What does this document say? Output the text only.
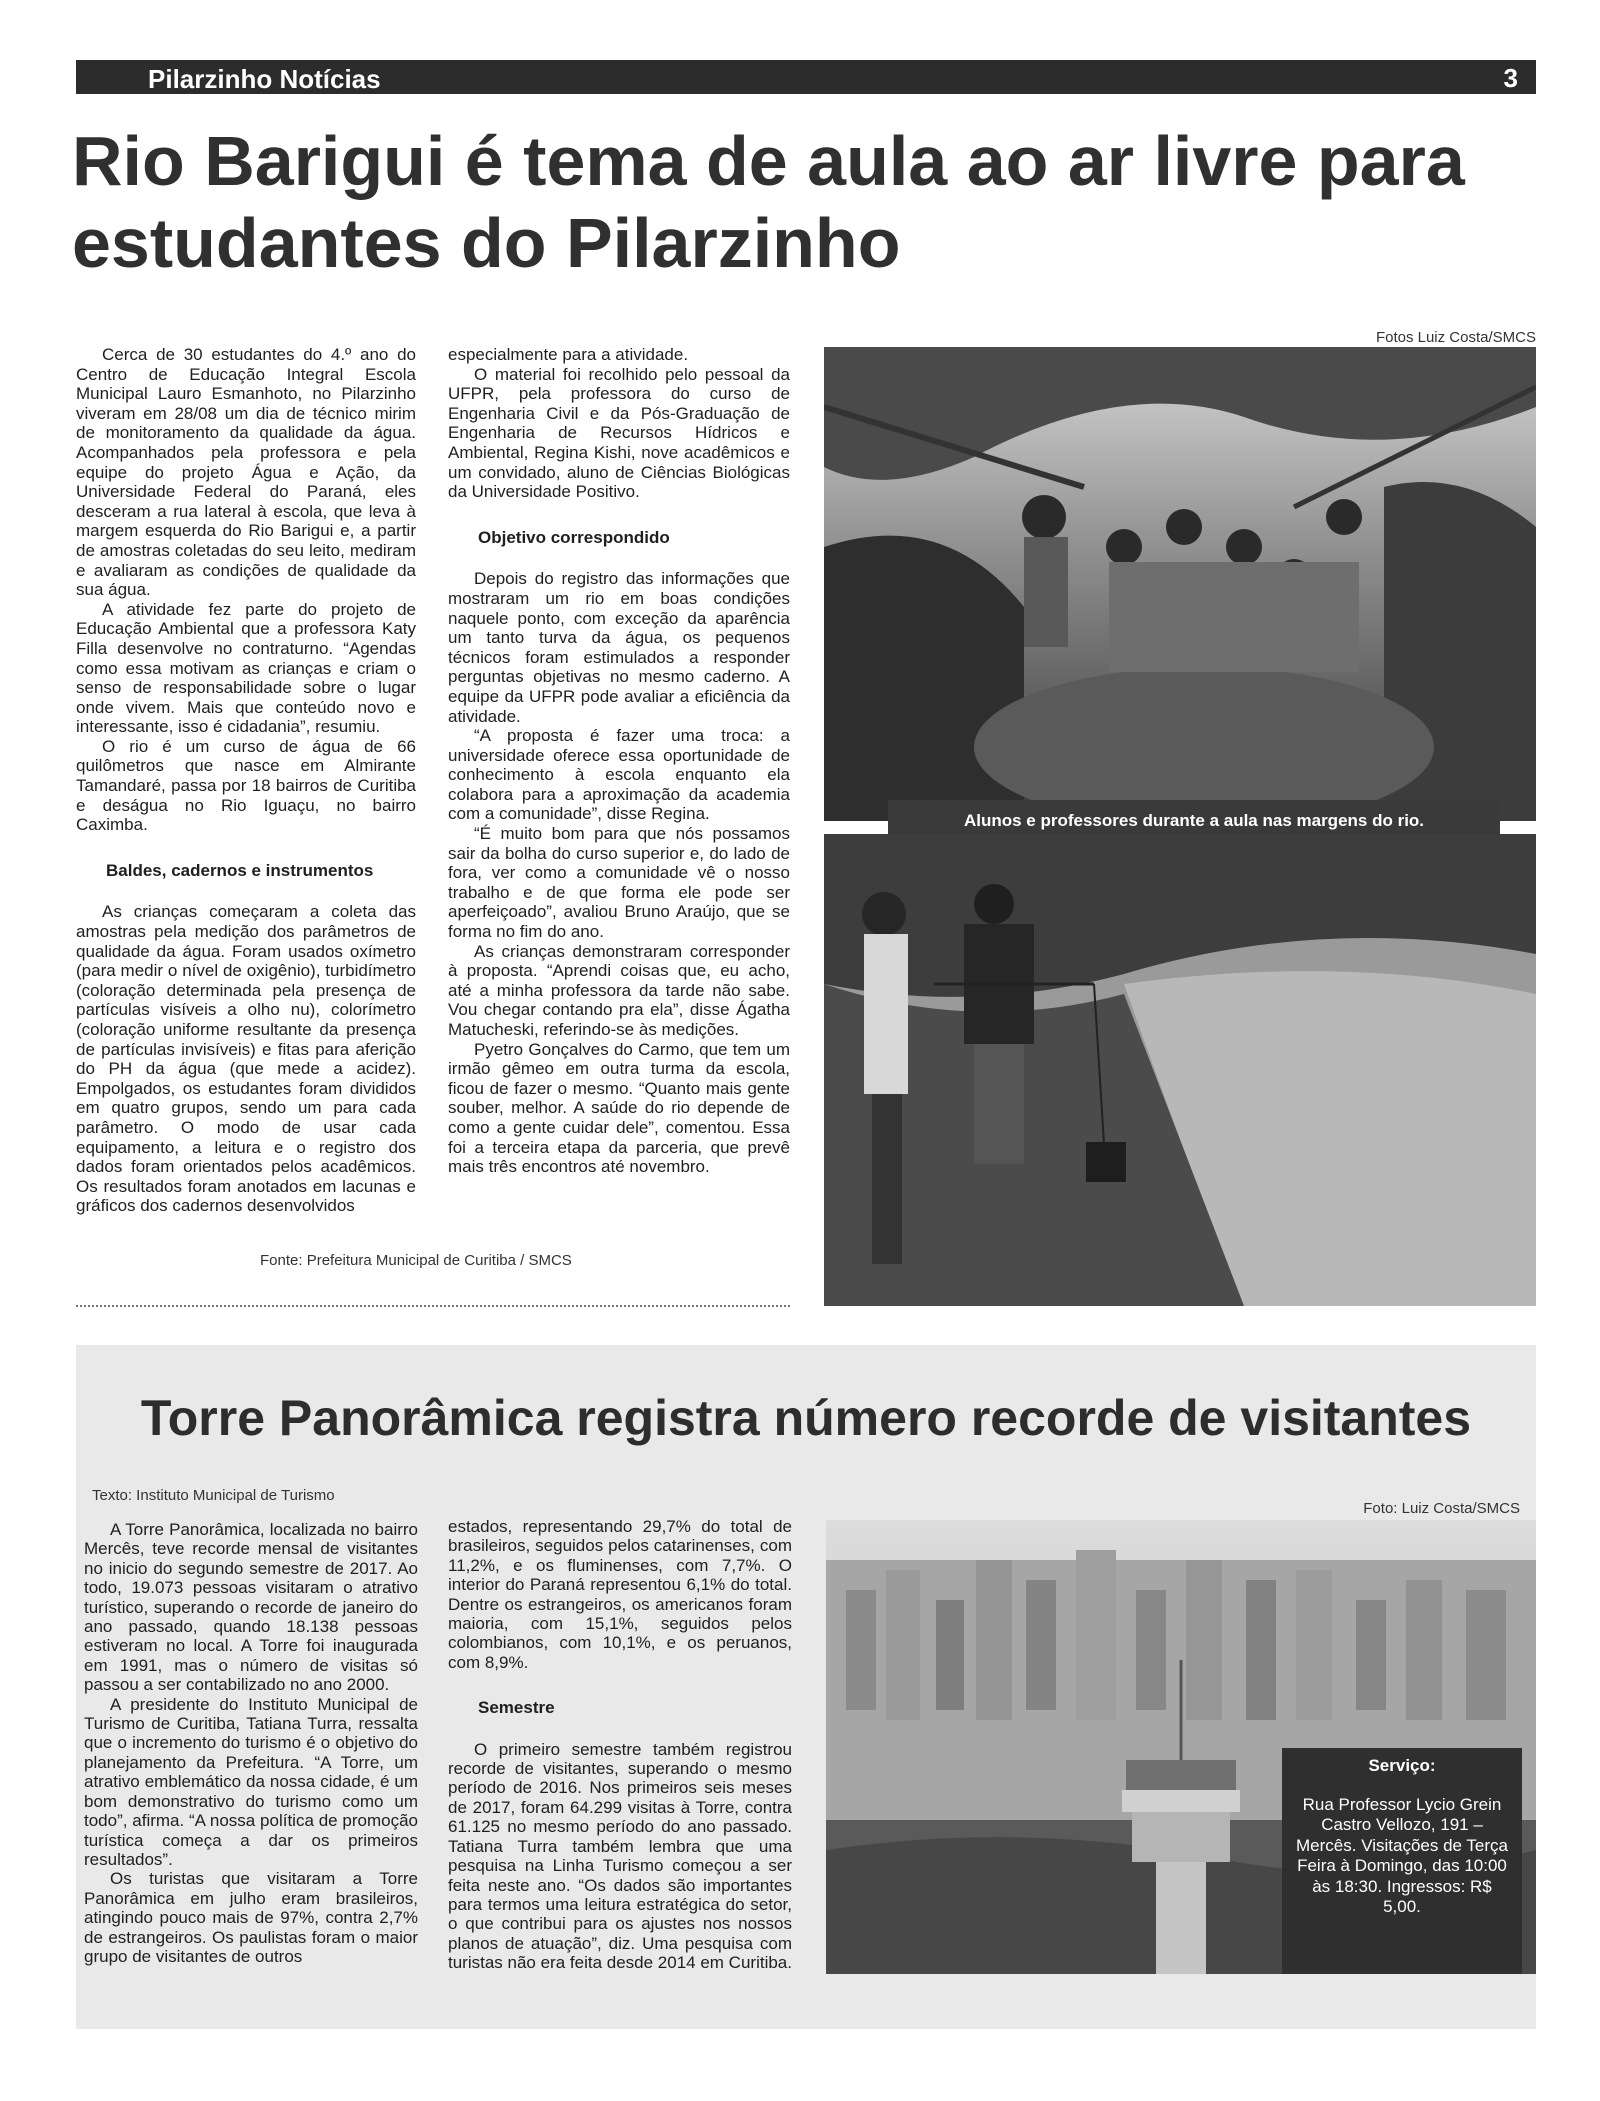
Pilarzinho Notícias	3
Rio Barigui é tema de aula ao ar livre para estudantes do Pilarzinho

Cerca de 30 estudantes do 4.º ano do Centro de Educação Integral Escola Municipal Lauro Esmanhoto, no Pilarzinho viveram em 28/08 um dia de técnico mirim de monitoramento da qualidade da água. Acompanhados pela professora e pela equipe do projeto Água e Ação, da Universidade Federal do Paraná, eles desceram a rua lateral à escola, que leva à margem esquerda do Rio Barigui e, a partir de amostras coletadas do seu leito, mediram e avaliaram as condições de qualidade da sua água.

A atividade fez parte do projeto de Educação Ambiental que a professora Katy Filla desenvolve no contraturno. “Agendas como essa motivam as crianças e criam o senso de responsabilidade sobre o lugar onde vivem. Mais que conteúdo novo e interessante, isso é cidadania”, resumiu.

O rio é um curso de água de 66 quilômetros que nasce em Almirante Tamandaré, passa por 18 bairros de Curitiba e deságua no Rio Iguaçu, no bairro Caximba.

Baldes, cadernos e instrumentos

As crianças começaram a coleta das amostras pela medição dos parâmetros de qualidade da água. Foram usados oxímetro (para medir o nível de oxigênio), turbidímetro (coloração determinada pela presença de partículas visíveis a olho nu), colorímetro (coloração uniforme resultante da presença de partículas invisíveis) e fitas para aferição do PH da água (que mede a acidez). Empolgados, os estudantes foram divididos em quatro grupos, sendo um para cada parâmetro. O modo de usar cada equipamento, a leitura e o registro dos dados foram orientados pelos acadêmicos. Os resultados foram anotados em lacunas e gráficos dos cadernos desenvolvidos

especialmente para a atividade.

O material foi recolhido pelo pessoal da UFPR, pela professora do curso de Engenharia Civil e da Pós-Graduação de Engenharia de Recursos Hídricos e Ambiental, Regina Kishi, nove acadêmicos e um convidado, aluno de Ciências Biológicas da Universidade Positivo.

Objetivo correspondido

Depois do registro das informações que mostraram um rio em boas condições naquele ponto, com exceção da aparência um tanto turva da água, os pequenos técnicos foram estimulados a responder perguntas objetivas no mesmo caderno. A equipe da UFPR pode avaliar a eficiência da atividade.

“A proposta é fazer uma troca: a universidade oferece essa oportunidade de conhecimento à escola enquanto ela colabora para a aproximação da academia com a comunidade”, disse Regina.

“É muito bom para que nós possamos sair da bolha do curso superior e, do lado de fora, ver como a comunidade vê o nosso trabalho e de que forma ele pode ser aperfeiçoado”, avaliou Bruno Araújo, que se forma no fim do ano.

As crianças demonstraram corresponder à proposta. “Aprendi coisas que, eu acho, até a minha professora da tarde não sabe. Vou chegar contando pra ela”, disse Ágatha Matucheski, referindo-se às medições.

Pyetro Gonçalves do Carmo, que tem um irmão gêmeo em outra turma da escola, ficou de fazer o mesmo. “Quanto mais gente souber, melhor. A saúde do rio depende de como a gente cuidar dele”, comentou. Essa foi a terceira etapa da parceria, que prevê mais três encontros até novembro.

Fotos Luiz Costa/SMCS
Alunos e professores durante a aula nas margens do rio.
Fonte: Prefeitura Municipal de Curitiba / SMCS
Torre Panorâmica registra número recorde de visitantes
Texto: Instituto Municipal de Turismo

A Torre Panorâmica, localizada no bairro Mercês, teve recorde mensal de visitantes no inicio do segundo semestre de 2017. Ao todo, 19.073 pessoas visitaram o atrativo turístico, superando o recorde de janeiro do ano passado, quando 18.138 pessoas estiveram no local. A Torre foi inaugurada em 1991, mas o número de visitas só passou a ser contabilizado no ano 2000.

A presidente do Instituto Municipal de Turismo de Curitiba, Tatiana Turra, ressalta que o incremento do turismo é o objetivo do planejamento da Prefeitura. “A Torre, um atrativo emblemático da nossa cidade, é um bom demonstrativo do turismo como um todo”, afirma. “A nossa política de promoção turística começa a dar os primeiros resultados”.

Os turistas que visitaram a Torre Panorâmica em julho eram brasileiros, atingindo pouco mais de 97%, contra 2,7% de estrangeiros. Os paulistas foram o maior grupo de visitantes de outros

estados, representando 29,7% do total de brasileiros, seguidos pelos catarinenses, com 11,2%, e os fluminenses, com 7,7%. O interior do Paraná representou 6,1% do total. Dentre os estrangeiros, os americanos foram maioria, com 15,1%, seguidos pelos colombianos, com 10,1%, e os peruanos, com 8,9%.

Semestre

O primeiro semestre também registrou recorde de visitantes, superando o mesmo período de 2016. Nos primeiros seis meses de 2017, foram 64.299 visitas à Torre, contra 61.125 no mesmo período do ano passado. Tatiana Turra também lembra que uma pesquisa na Linha Turismo começou a ser feita neste ano. “Os dados são importantes para termos uma leitura estratégica do setor, o que contribui para os ajustes nos nossos planos de atuação”, diz. Uma pesquisa com turistas não era feita desde 2014 em Curitiba.

Foto: Luiz Costa/SMCS
Serviço:
Rua Professor Lycio Grein Castro Vellozo, 191 – Mercês. Visitações de Terça Feira à Domingo, das 10:00 às 18:30. Ingressos: R$ 5,00.
